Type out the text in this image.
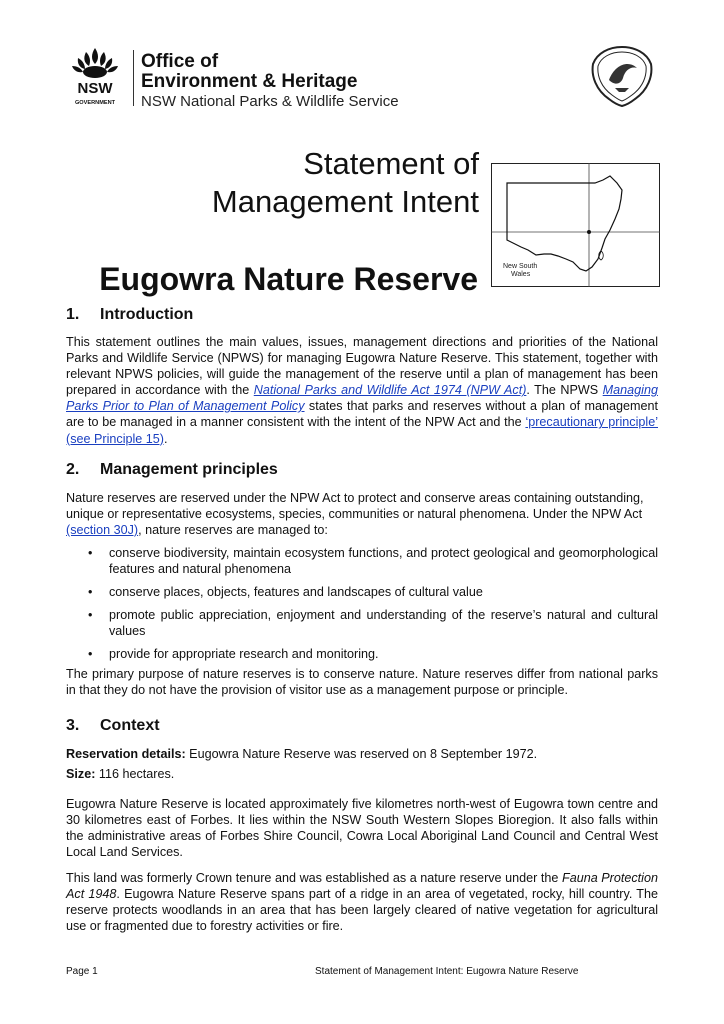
NSW
GOVERNMENT
Office of
Environment & Heritage
NSW National Parks & Wildlife Service
Statement of
Management Intent
New South
Wales
Eugowra Nature Reserve
1. Introduction
This statement outlines the main values, issues, management directions and priorities of the National Parks and Wildlife Service (NPWS) for managing Eugowra Nature Reserve. This statement, together with relevant NPWS policies, will guide the management of the reserve until a plan of management has been prepared in accordance with the National Parks and Wildlife Act 1974 (NPW Act). The NPWS Managing Parks Prior to Plan of Management Policy states that parks and reserves without a plan of management are to be managed in a manner consistent with the intent of the NPW Act and the ‘precautionary principle’ (see Principle 15).
2. Management principles
Nature reserves are reserved under the NPW Act to protect and conserve areas containing outstanding, unique or representative ecosystems, species, communities or natural phenomena. Under the NPW Act (section 30J), nature reserves are managed to:
• conserve biodiversity, maintain ecosystem functions, and protect geological and geomorphological features and natural phenomena
• conserve places, objects, features and landscapes of cultural value
• promote public appreciation, enjoyment and understanding of the reserve’s natural and cultural values
• provide for appropriate research and monitoring.
The primary purpose of nature reserves is to conserve nature. Nature reserves differ from national parks in that they do not have the provision of visitor use as a management purpose or principle.
3. Context
Reservation details: Eugowra Nature Reserve was reserved on 8 September 1972.
Size: 116 hectares.
Eugowra Nature Reserve is located approximately five kilometres north-west of Eugowra town centre and 30 kilometres east of Forbes. It lies within the NSW South Western Slopes Bioregion. It also falls within the administrative areas of Forbes Shire Council, Cowra Local Aboriginal Land Council and Central West Local Land Services.
This land was formerly Crown tenure and was established as a nature reserve under the Fauna Protection Act 1948. Eugowra Nature Reserve spans part of a ridge in an area of vegetated, rocky, hill country. The reserve protects woodlands in an area that has been largely cleared of native vegetation for agricultural use or fragmented due to forestry activities or fire.
Page 1	Statement of Management Intent: Eugowra Nature Reserve
